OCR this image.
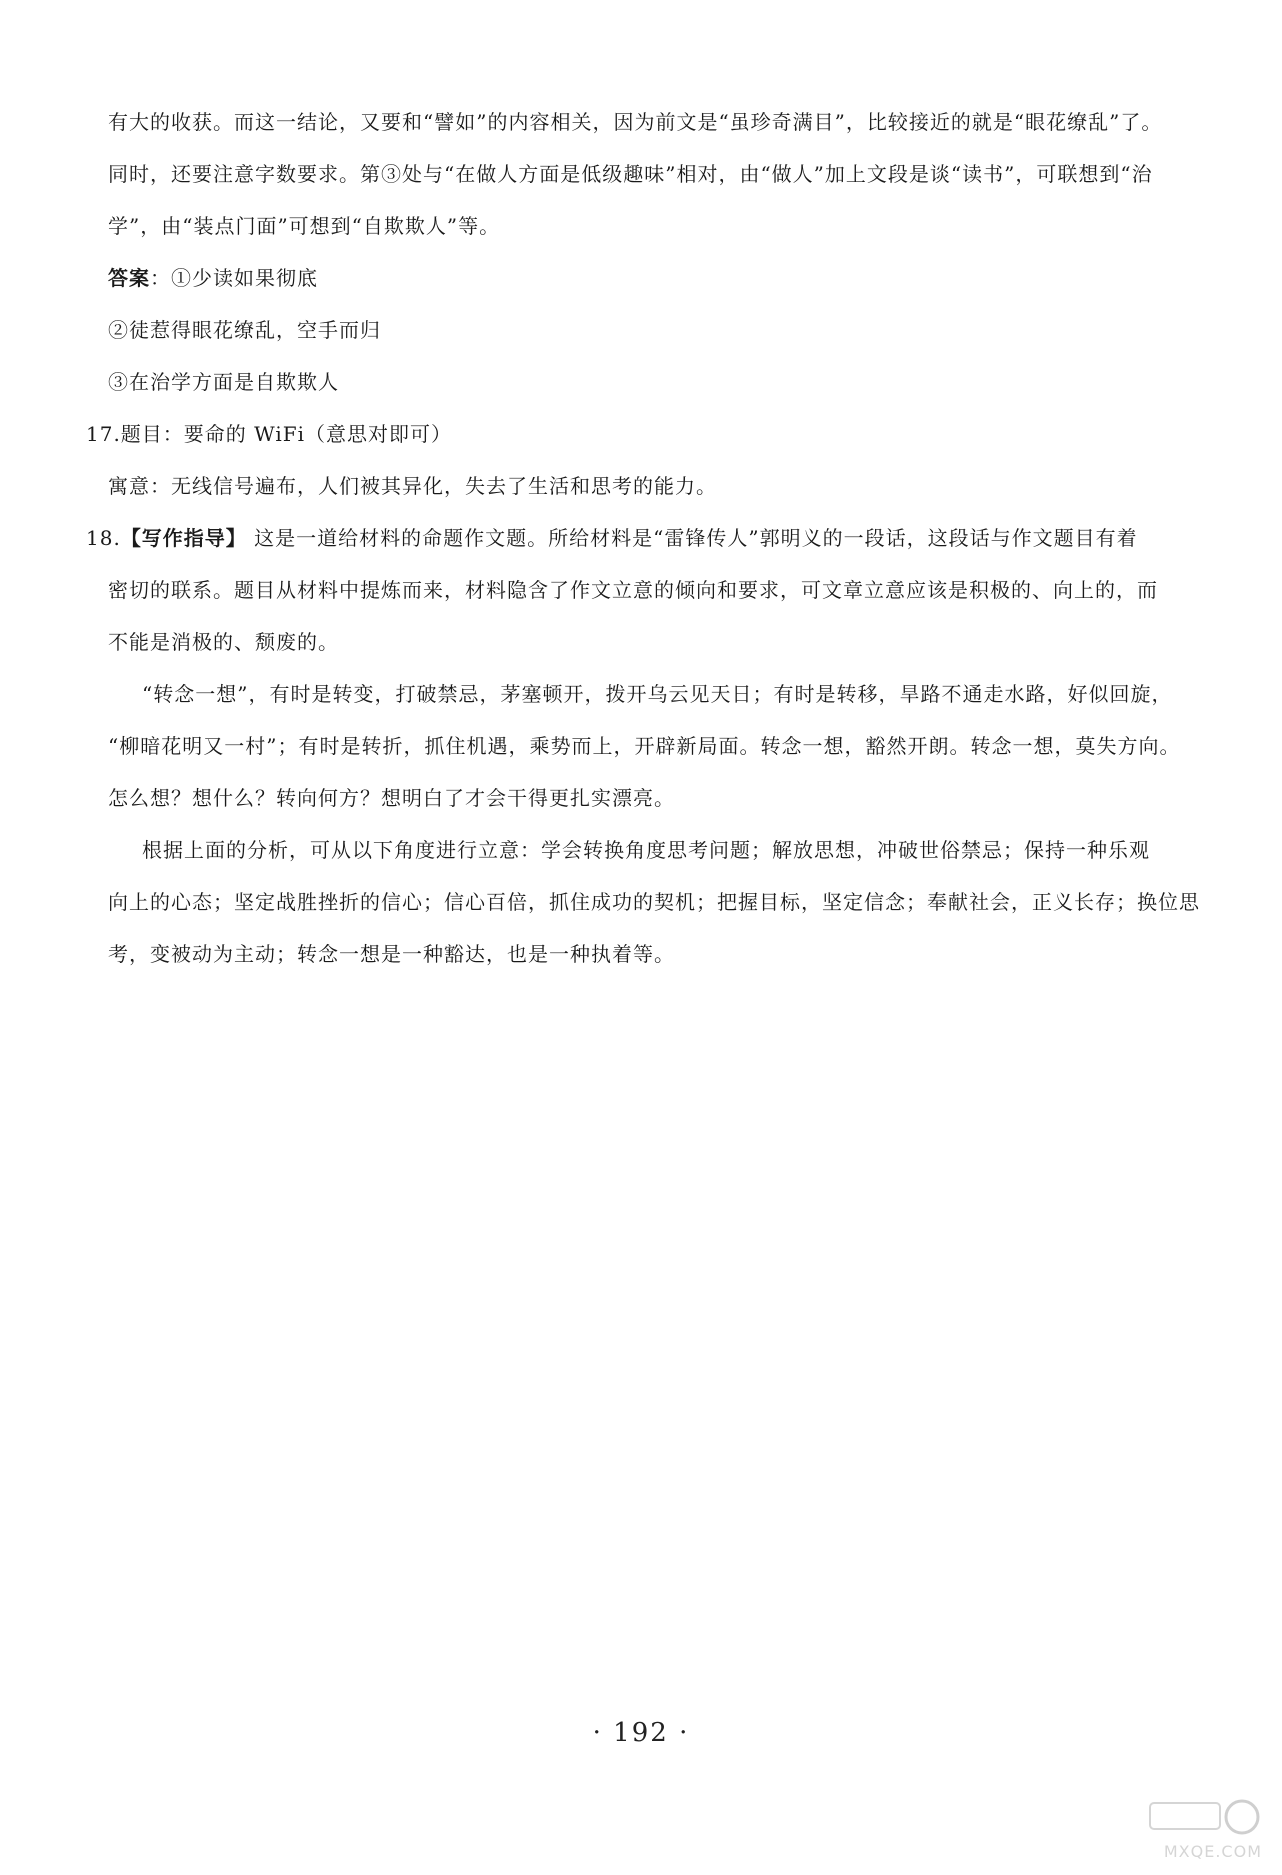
有大的收获。而这一结论，又要和“譬如”的内容相关，因为前文是“虽珍奇满目”，比较接近的就是“眼花缭乱”了。
同时，还要注意字数要求。第③处与“在做人方面是低级趣味”相对，由“做人”加上文段是谈“读书”，可联想到“治
学”，由“装点门面”可想到“自欺欺人”等。
答案：①少读如果彻底
②徒惹得眼花缭乱，空手而归
③在治学方面是自欺欺人
17.题目：要命的 WiFi（意思对即可）
寓意：无线信号遍布，人们被其异化，失去了生活和思考的能力。
18.【写作指导】 这是一道给材料的命题作文题。所给材料是“雷锋传人”郭明义的一段话，这段话与作文题目有着
密切的联系。题目从材料中提炼而来，材料隐含了作文立意的倾向和要求，可文章立意应该是积极的、向上的，而
不能是消极的、颓废的。
“转念一想”，有时是转变，打破禁忌，茅塞顿开，拨开乌云见天日；有时是转移，旱路不通走水路，好似回旋，
“柳暗花明又一村”；有时是转折，抓住机遇，乘势而上，开辟新局面。转念一想，豁然开朗。转念一想，莫失方向。
怎么想？想什么？转向何方？想明白了才会干得更扎实漂亮。
根据上面的分析，可从以下角度进行立意：学会转换角度思考问题；解放思想，冲破世俗禁忌；保持一种乐观
向上的心态；坚定战胜挫折的信心；信心百倍，抓住成功的契机；把握目标，坚定信念；奉献社会，正义长存；换位思
考，变被动为主动；转念一想是一种豁达，也是一种执着等。
· 192 ·
MXQE.COM
